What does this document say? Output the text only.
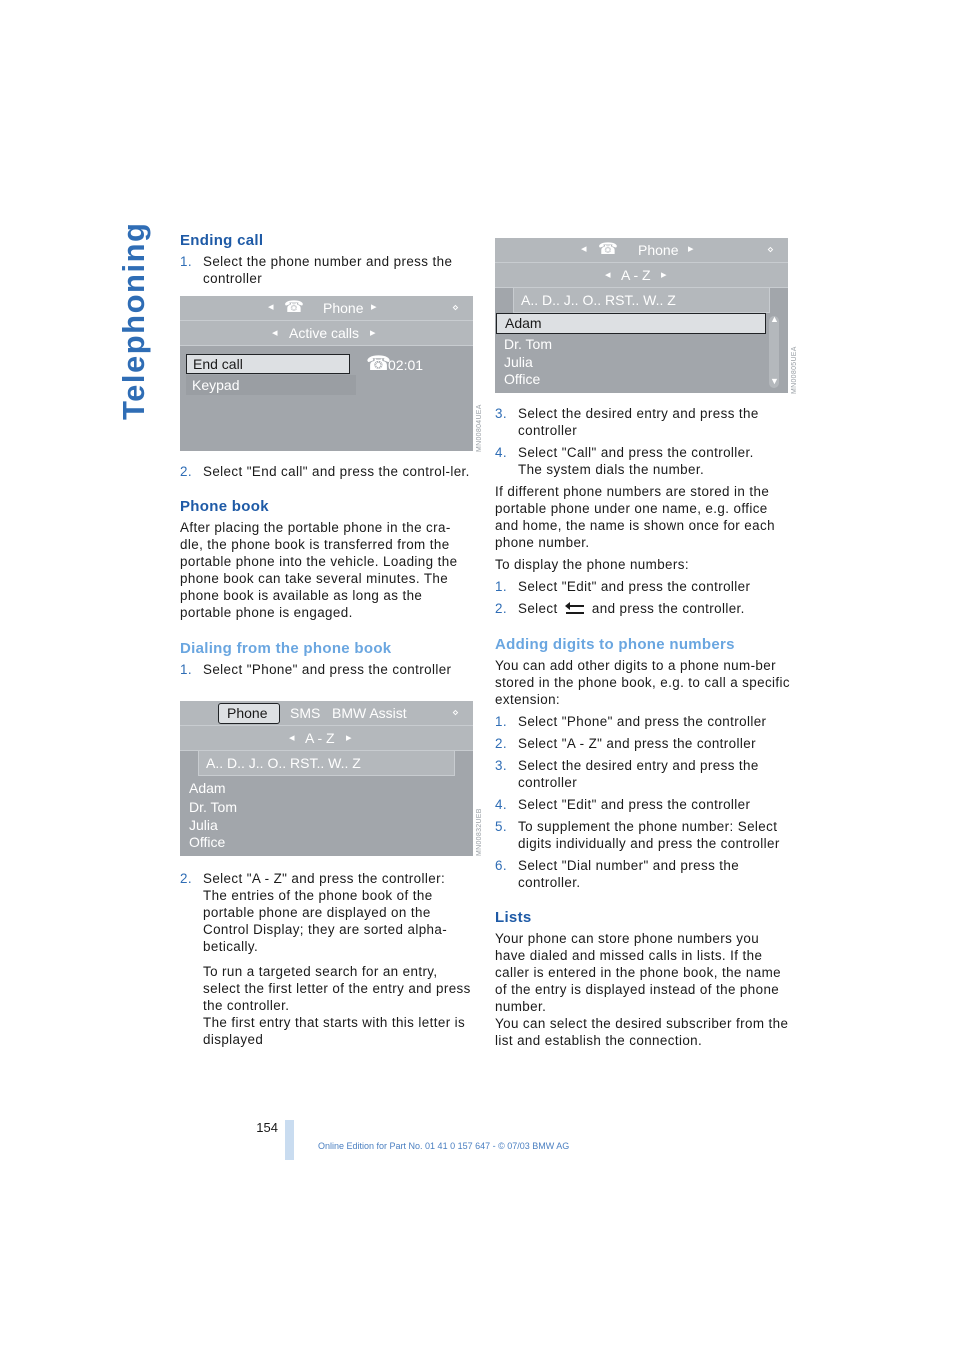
Telephoning Ending call

1. Select the phone number and press the controller
◂ ☎ Phone ▸	⋄
◂ Active calls ▸
End call
Keypad
☎
02:01
MN00804UEA
2. Select "End call" and press the control-ler.

Phone book

After placing the portable phone in the cra-dle, the phone book is transferred from the portable phone into the vehicle. Loading the phone book can take several minutes. The phone book is available as long as the portable phone is engaged.

Dialing from the phone book

1. Select "Phone" and press the controller
Phone	SMS BMW Assist	⋄
◂ A - Z ▸
A.. D.. J.. O.. RST.. W.. Z
Adam
Dr. Tom
Julia
Office	MN00832UEB
2. Select "A - Z" and press the controller: The entries of the phone book of the portable phone are displayed on the Control Display; they are sorted alpha-betically.
To run a targeted search for an entry, select the first letter of the entry and press the controller.
The first entry that starts with this letter is displayed
◂ ☎ Phone ▸	⋄
◂ A - Z ▸
A.. D.. J.. O.. RST.. W.. Z
Adam
Dr. Tom
Julia
Office
▲
▼ MN00805UEA
3. Select the desired entry and press the controller
4. Select "Call" and press the controller.
The system dials the number.

If different phone numbers are stored in the portable phone under one name, e.g. office and home, the name is shown once for each phone number.

To display the phone numbers:

1. Select "Edit" and press the controller
2. Select	and press the controller.

Adding digits to phone numbers

You can add other digits to a phone num-ber stored in the phone book, e.g. to call a specific extension:

1. Select "Phone" and press the controller
2. Select "A - Z" and press the controller
3. Select the desired entry and press the controller
4. Select "Edit" and press the controller
5. To supplement the phone number: Select digits individually and press the controller
6. Select "Dial number" and press the controller.

Lists

Your phone can store phone numbers you have dialed and missed calls in lists. If the caller is entered in the phone book, the name of the entry is displayed instead of the phone number.

You can select the desired subscriber from the list and establish the connection.

154
Online Edition for Part No. 01 41 0 157 647 - © 07/03 BMW AG
